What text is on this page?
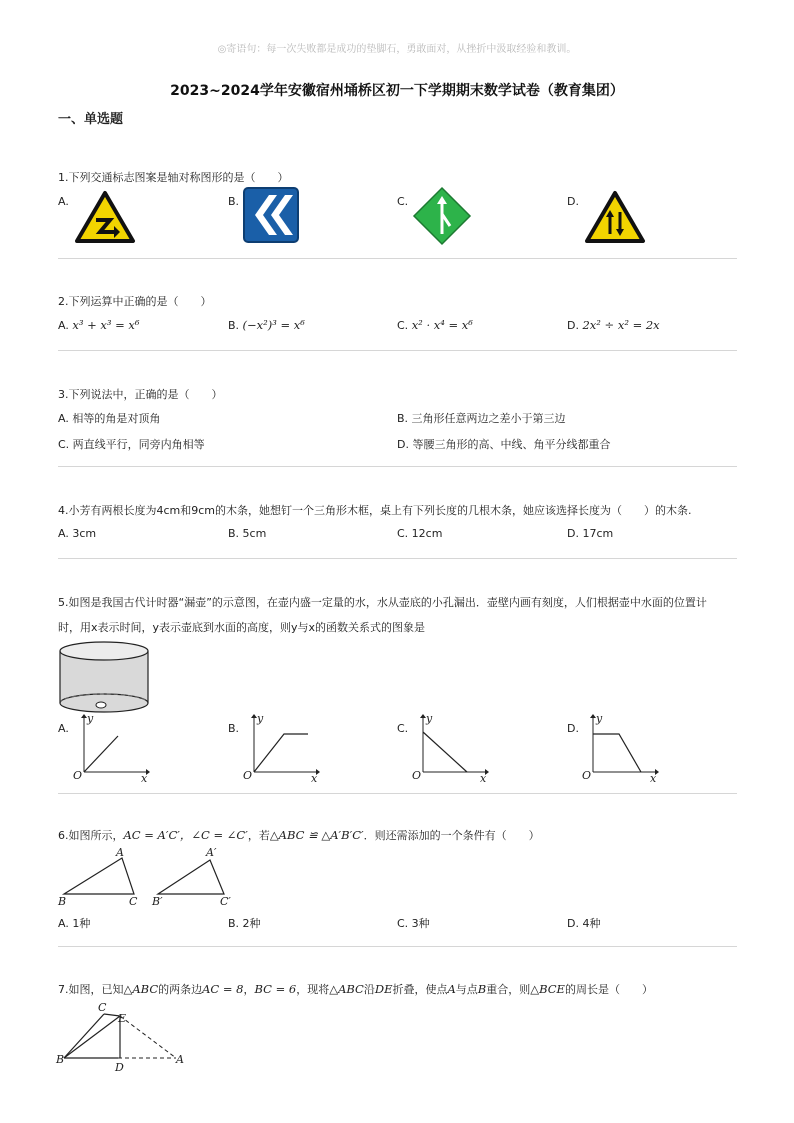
◎寄语句：每一次失败都是成功的垫脚石，勇敢面对，从挫折中汲取经验和教训。
2023~2024学年安徽宿州埇桥区初一下学期期末数学试卷（教育集团）
一、单选题
1.下列交通标志图案是轴对称图形的是（　　）
A.	B.	C.	D.
2.下列运算中正确的是（　　）
A. x³ + x³ = x⁶	B. (−x²)³ = x⁶	C. x² · x⁴ = x⁶	D. 2x² ÷ x² = 2x
3.下列说法中，正确的是（　　）
A. 相等的角是对顶角	B. 三角形任意两边之差小于第三边
C. 两直线平行，同旁内角相等	D. 等腰三角形的高、中线、角平分线都重合
4.小芳有两根长度为4cm和9cm的木条，她想钉一个三角形木框，桌上有下列长度的几根木条，她应该选择长度为（　　）的木条.
A. 3cm	B. 5cm	C. 12cm	D. 17cm
5.如图是我国古代计时器“漏壶”的示意图，在壶内盛一定量的水，水从壶底的小孔漏出．壶壁内画有刻度，人们根据壶中水面的位置计
时，用x表示时间，y表示壶底到水面的高度，则y与x的函数关系式的图象是
A.	B.	C.	D.
O
y
x	O
y
x	O
y
x	O
y
x
6.如图所示，AC = A′C′，∠C = ∠C′，若△ABC ≌ △A′B′C′．则还需添加的一个条件有（　　）
A
B	C
A′
B′	C′
A. 1种	B. 2种	C. 3种	D. 4种
7.如图，已知△ABC的两条边AC = 8，BC = 6，现将△ABC沿DE折叠，使点A与点B重合，则△BCE的周长是（　　）
C
E
B
D
A
